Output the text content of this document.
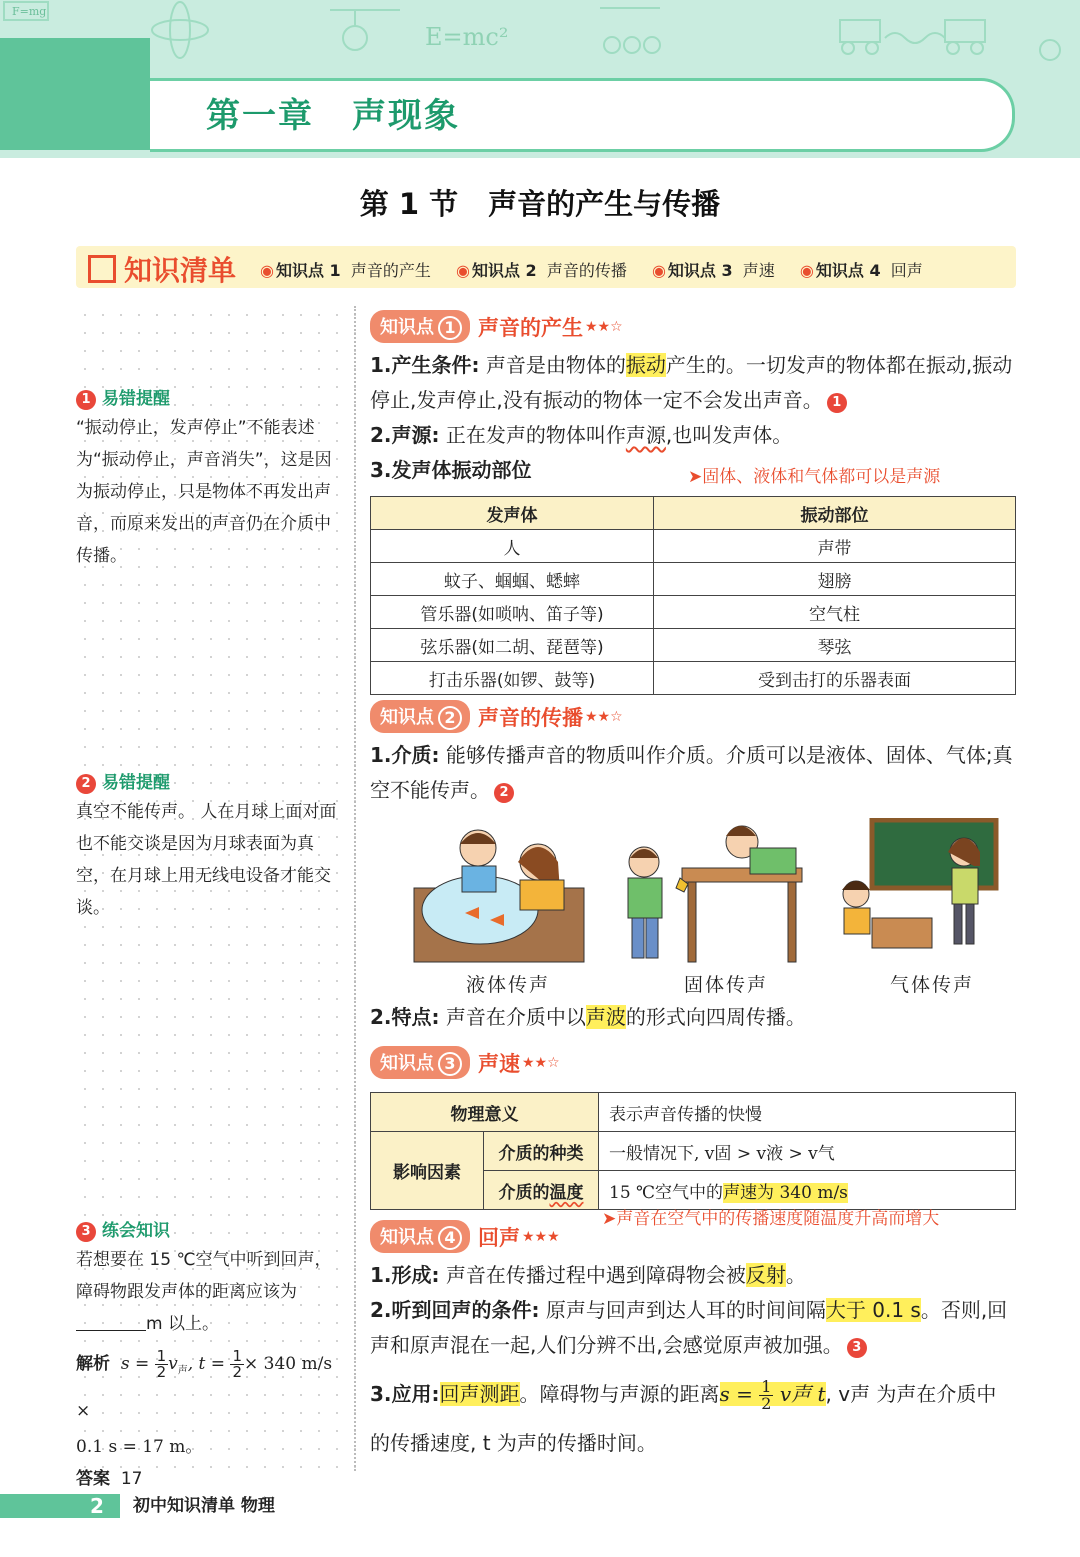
F=mg
E=mc²
第一章 声现象
第 1 节 声音的产生与传播
知识清单 ◉ 知识点 1 声音的产生 ◉ 知识点 2 声音的传播 ◉ 知识点 3 声速 ◉ 知识点 4 回声
1 易错提醒
“振动停止，发声停止”不能表述为“振动停止，声音消失”，这是因为振动停止，只是物体不再发出声音，而原来发出的声音仍在介质中传播。
2 易错提醒
真空不能传声。 人在月球上面对面也不能交谈是因为月球表面为真空，在月球上用无线电设备才能交谈。
3 练会知识
若想要在 15 ℃空气中听到回声，障碍物跟发声体的距离应该为
m 以上。
解析 $s = \frac{1}{2} v_声$, $t = \frac{1}{2} \times 340$ m/s ×
0.1 s = 17 m。
答案 17
知识点 1 声音的产生 ★★☆
1.产生条件: 声音是由物体的振动产生的。一切发声的物体都在振动,振动停止,发声停止,没有振动的物体一定不会发出声音。 1
2.声源: 正在发声的物体叫作声源,也叫发声体。
3.发声体振动部位	➤固体、液体和气体都可以是声源
发声体	振动部位
人	声带
蚊子、蝈蝈、蟋蟀	翅膀
管乐器(如唢呐、笛子等)	空气柱
弦乐器(如二胡、琵琶等)	琴弦
打击乐器(如锣、鼓等)	受到击打的乐器表面
知识点 2 声音的传播 ★★☆
1.介质: 能够传播声音的物质叫作介质。介质可以是液体、固体、气体;真空不能传声。 2
液体传声	固体传声	气体传声
2.特点: 声音在介质中以声波的形式向四周传播。
知识点 3 声速 ★★☆
物理意义		表示声音传播的快慢
影响因素	介质的种类	一般情况下, v固 > v液 > v气
	介质的温度	15 ℃空气中的声速为 340 m/s
➤声音在空气中的传播速度随温度升高而增大
知识点 4 回声 ★★★
1.形成: 声音在传播过程中遇到障碍物会被反射。
2.听到回声的条件: 原声与回声到达人耳的时间间隔大于 0.1 s。否则,回声和原声混在一起,人们分辨不出,会感觉原声被加强。 3
3.应用:回声测距。障碍物与声源的距离$s = \frac{1}{2}$ v声 t, v声 为声在介质中
的传播速度, t 为声的传播时间。
2 初中知识清单 物理
